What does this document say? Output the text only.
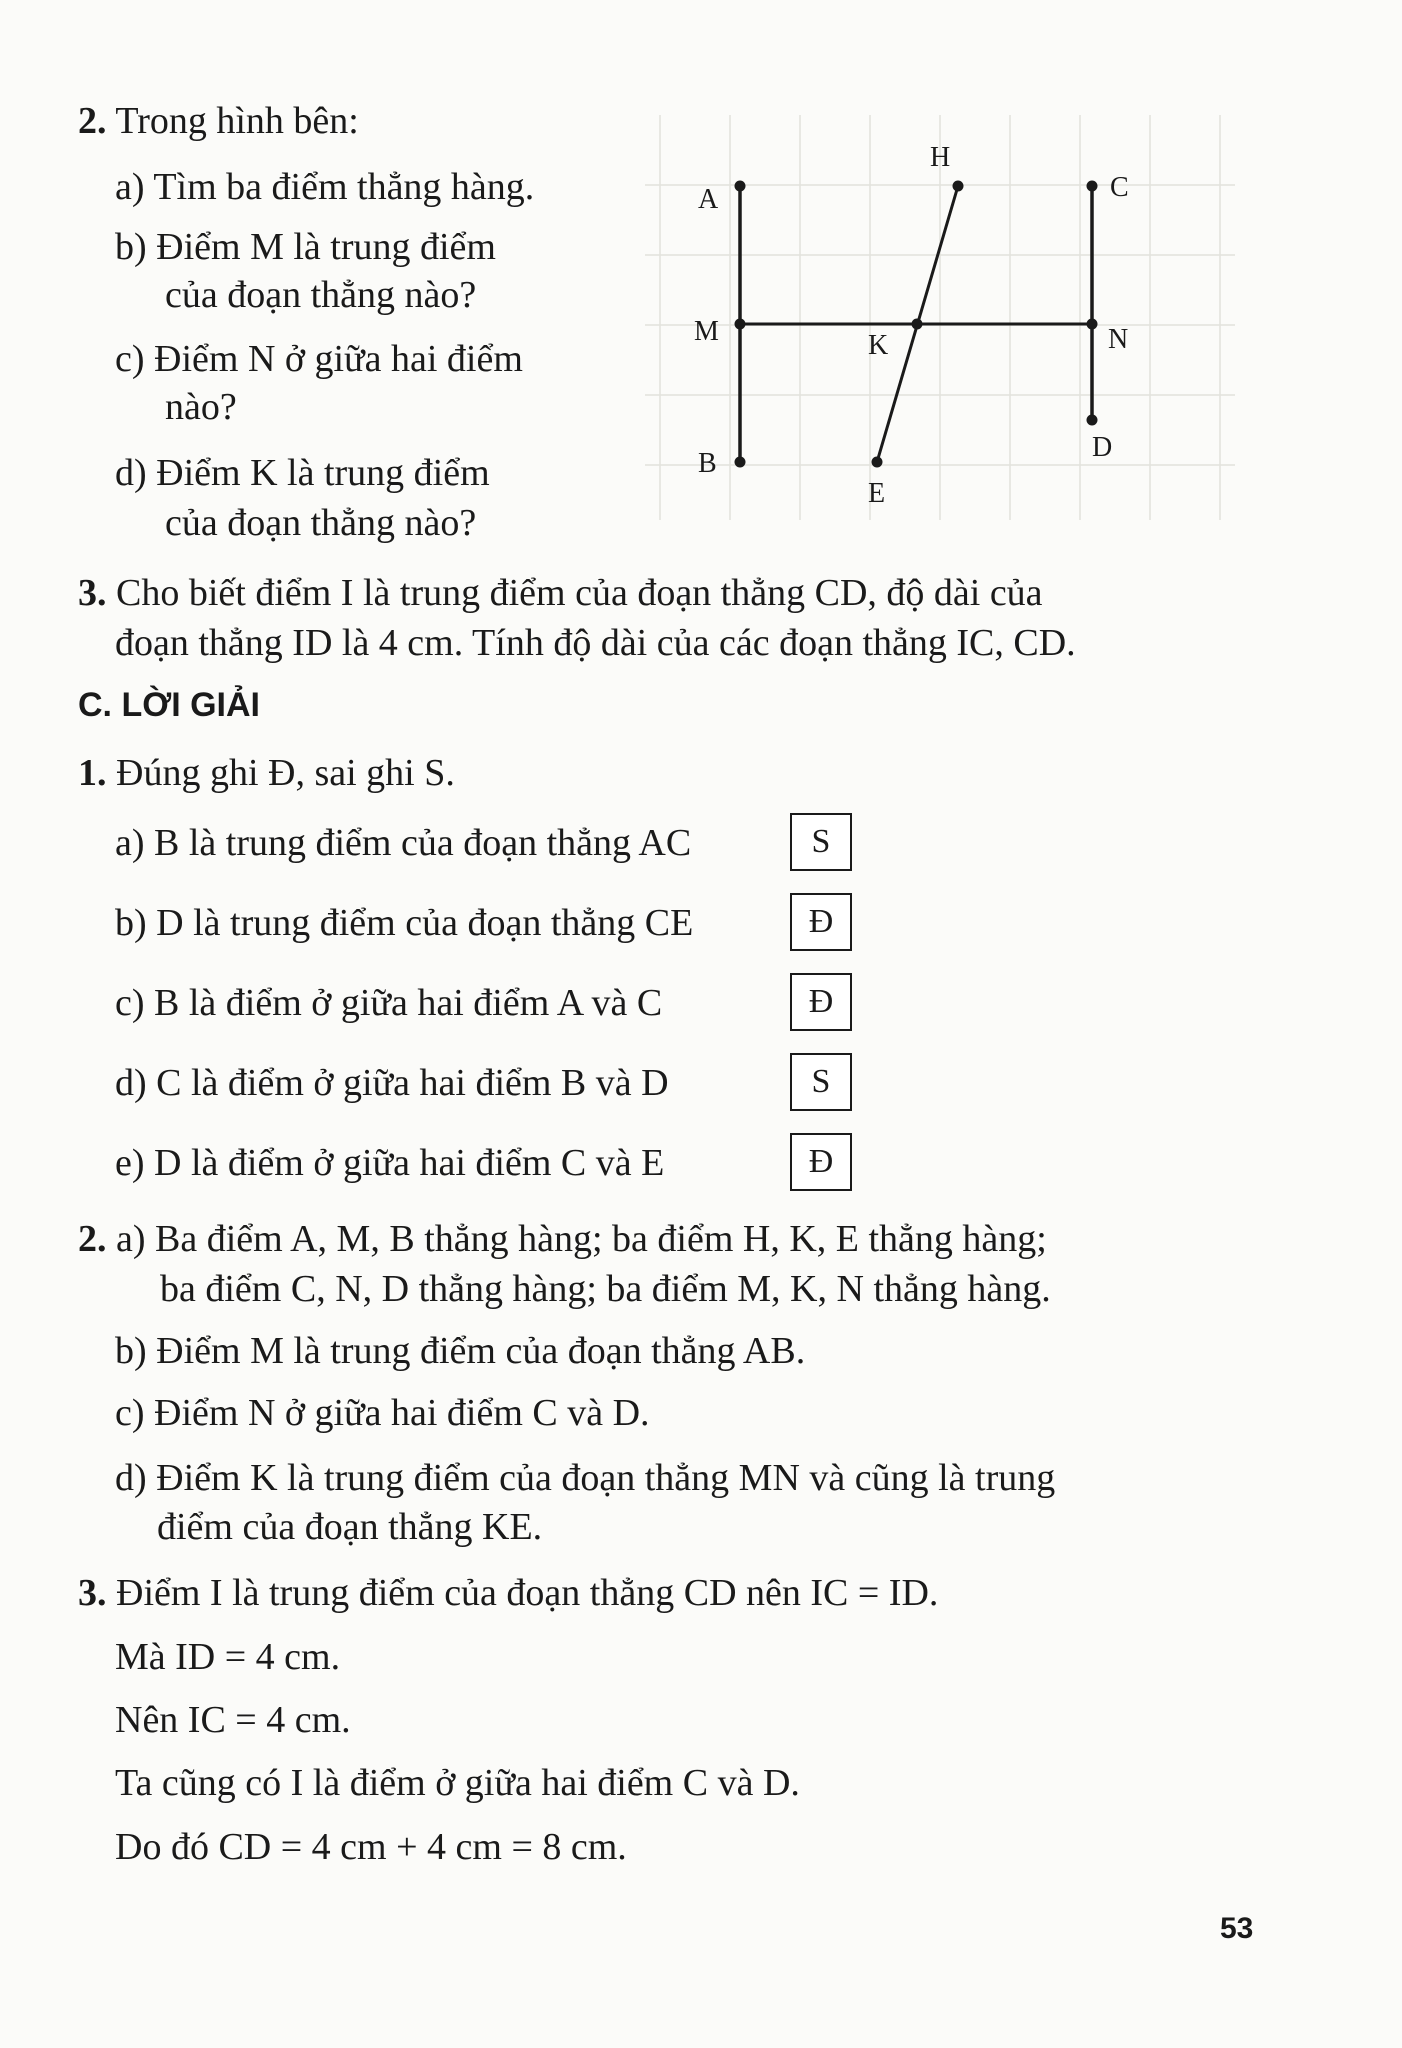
2. Trong hình bên:
a) Tìm ba điểm thẳng hàng.
b) Điểm M là trung điểm
của đoạn thẳng nào?
c) Điểm N ở giữa hai điểm
nào?
d) Điểm K là trung điểm
của đoạn thẳng nào?
A
H
C
M	K	N
B
D
E
3. Cho biết điểm I là trung điểm của đoạn thẳng CD, độ dài của
đoạn thẳng ID là 4 cm. Tính độ dài của các đoạn thẳng IC, CD.
C. LỜI GIẢI
1. Đúng ghi Đ, sai ghi S.
a) B là trung điểm của đoạn thẳng AC	S
b) D là trung điểm của đoạn thẳng CE	Đ
c) B là điểm ở giữa hai điểm A và C	Đ
d) C là điểm ở giữa hai điểm B và D	S
e) D là điểm ở giữa hai điểm C và E	Đ
2. a) Ba điểm A, M, B thẳng hàng; ba điểm H, K, E thẳng hàng;
ba điểm C, N, D thẳng hàng; ba điểm M, K, N thẳng hàng.
b) Điểm M là trung điểm của đoạn thẳng AB.
c) Điểm N ở giữa hai điểm C và D.
d) Điểm K là trung điểm của đoạn thẳng MN và cũng là trung
điểm của đoạn thẳng KE.
3. Điểm I là trung điểm của đoạn thẳng CD nên IC = ID.
Mà ID = 4 cm.
Nên IC = 4 cm.
Ta cũng có I là điểm ở giữa hai điểm C và D.
Do đó CD = 4 cm + 4 cm = 8 cm.
53
